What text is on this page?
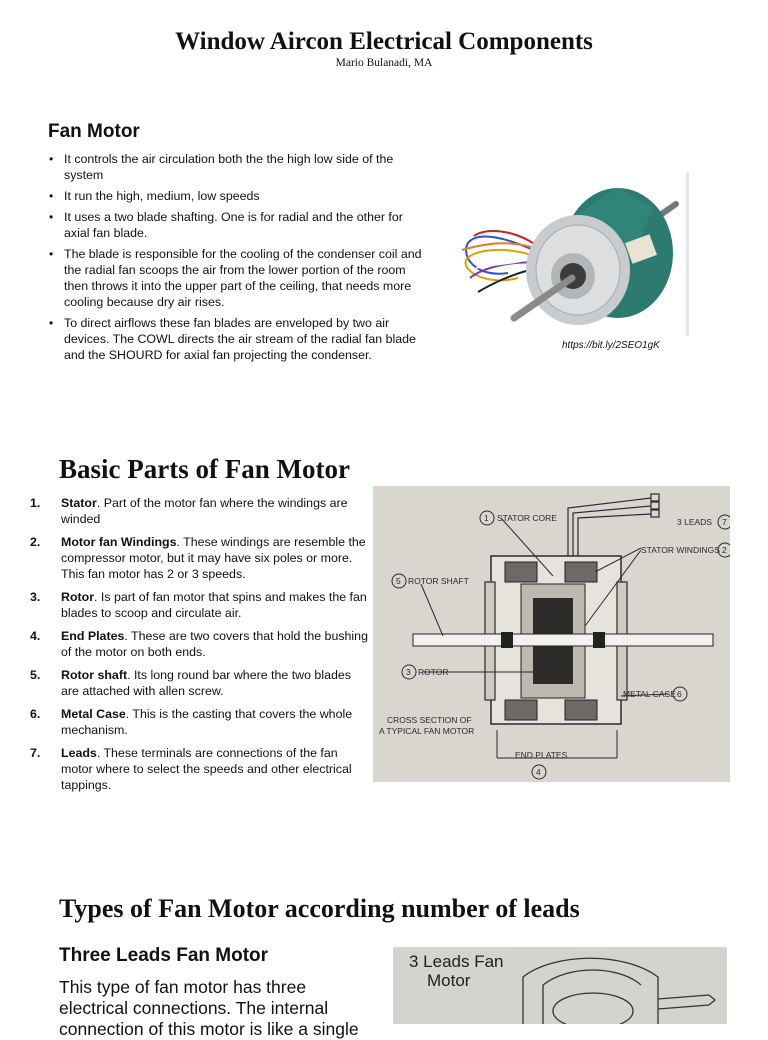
Window Aircon Electrical Components
Mario Bulanadi, MA
Fan Motor
• It controls the air circulation both the the high low side of the system
• It run the high, medium, low speeds
• It uses a two blade shafting. One is for radial and the other for axial fan blade.
• The blade is responsible for the cooling of the condenser coil and the radial fan scoops the air from the lower portion of the room then throws it into the upper part of the ceiling, that needs more cooling because dry air rises.
• To direct airflows these fan blades are enveloped by two air devices. The COWL directs the air stream of the radial fan blade and the SHOURD for axial fan projecting the condenser.
https://bit.ly/2SEO1gK
Basic Parts of Fan Motor
1. Stator. Part of the motor fan where the windings are winded
2. Motor fan Windings. These windings are resemble the compressor motor, but it may have six poles or more. This fan motor has 2 or 3 speeds.
3. Rotor. Is part of fan motor that spins and makes the fan blades to scoop and circulate air.
4. End Plates. These are two covers that hold the bushing of the motor on both ends.
5. Rotor shaft. Its long round bar where the two blades are attached with allen screw.
6. Metal Case. This is the casting that covers the whole mechanism.
7. Leads. These terminals are connections of the fan motor where to select the speeds and other electrical tappings.
1	7
2
5
3
6
4
STATOR CORE	3 LEADS
STATOR WINDINGS
ROTOR SHAFT
ROTOR
METAL CASE
CROSS SECTION OF
A TYPICAL FAN MOTOR
END PLATES
Types of Fan Motor according number of leads
Three Leads Fan Motor
This type of fan motor has three electrical connections. The internal connection of this motor is like a single
3 Leads Fan
Motor
